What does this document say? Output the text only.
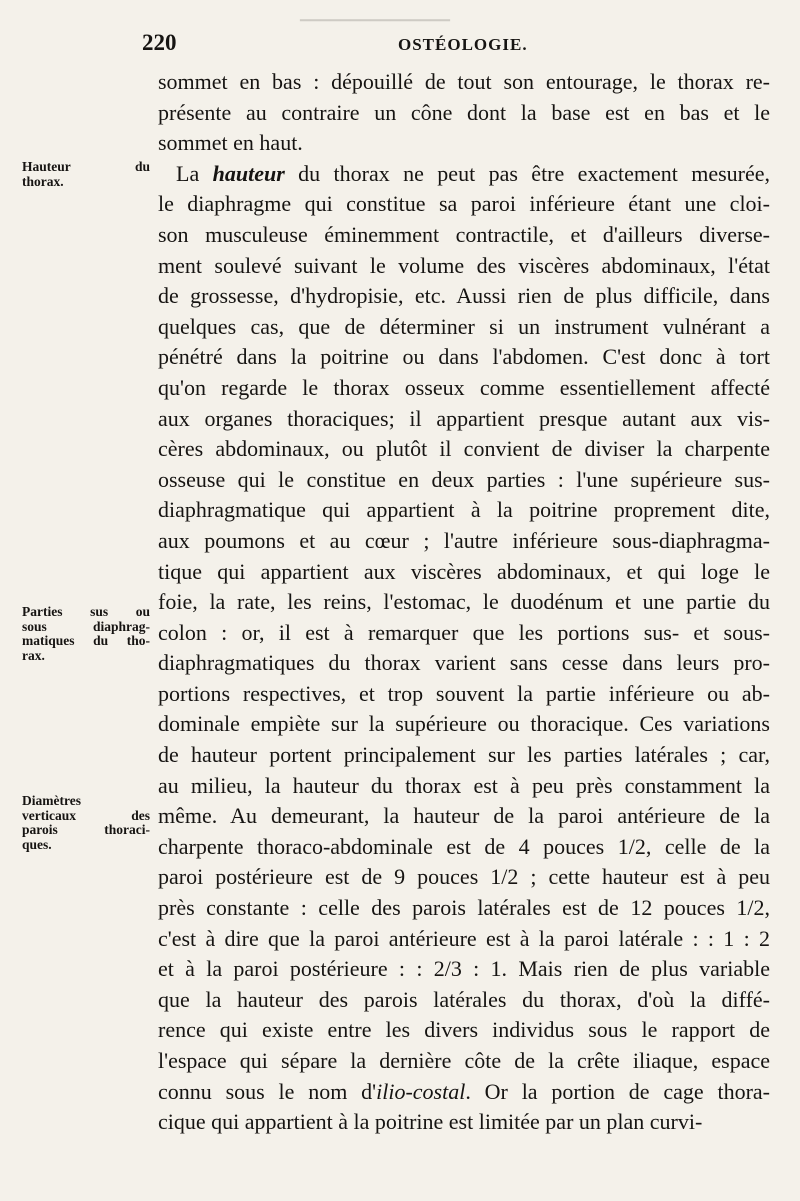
▁▁▁▁▁▁▁▁▁▁▁▁▁▁▁
220	OSTÉOLOGIE.
Hauteur du
thorax.
Parties sus ou
sous diaphrag-
matiques du tho-
rax.
Diamètres
verticaux des
parois thoraci-
ques.
sommet en bas : dépouillé de tout son entourage, le thorax re-
présente au contraire un cône dont la base est en bas et le
sommet en haut.
La hauteur du thorax ne peut pas être exactement mesurée,
le diaphragme qui constitue sa paroi inférieure étant une cloi-
son musculeuse éminemment contractile, et d'ailleurs diverse-
ment soulevé suivant le volume des viscères abdominaux, l'état
de grossesse, d'hydropisie, etc. Aussi rien de plus difficile, dans
quelques cas, que de déterminer si un instrument vulnérant a
pénétré dans la poitrine ou dans l'abdomen. C'est donc à tort
qu'on regarde le thorax osseux comme essentiellement affecté
aux organes thoraciques; il appartient presque autant aux vis-
cères abdominaux, ou plutôt il convient de diviser la charpente
osseuse qui le constitue en deux parties : l'une supérieure sus-
diaphragmatique qui appartient à la poitrine proprement dite,
aux poumons et au cœur ; l'autre inférieure sous-diaphragma-
tique qui appartient aux viscères abdominaux, et qui loge le
foie, la rate, les reins, l'estomac, le duodénum et une partie du
colon : or, il est à remarquer que les portions sus- et sous-
diaphragmatiques du thorax varient sans cesse dans leurs pro-
portions respectives, et trop souvent la partie inférieure ou ab-
dominale empiète sur la supérieure ou thoracique. Ces variations
de hauteur portent principalement sur les parties latérales ; car,
au milieu, la hauteur du thorax est à peu près constamment la
même. Au demeurant, la hauteur de la paroi antérieure de la
charpente thoraco-abdominale est de 4 pouces 1/2, celle de la
paroi postérieure est de 9 pouces 1/2 ; cette hauteur est à peu
près constante : celle des parois latérales est de 12 pouces 1/2,
c'est à dire que la paroi antérieure est à la paroi latérale : : 1 : 2
et à la paroi postérieure : : 2/3 : 1. Mais rien de plus variable
que la hauteur des parois latérales du thorax, d'où la diffé-
rence qui existe entre les divers individus sous le rapport de
l'espace qui sépare la dernière côte de la crête iliaque, espace
connu sous le nom d'ilio-costal. Or la portion de cage thora-
cique qui appartient à la poitrine est limitée par un plan curvi-
